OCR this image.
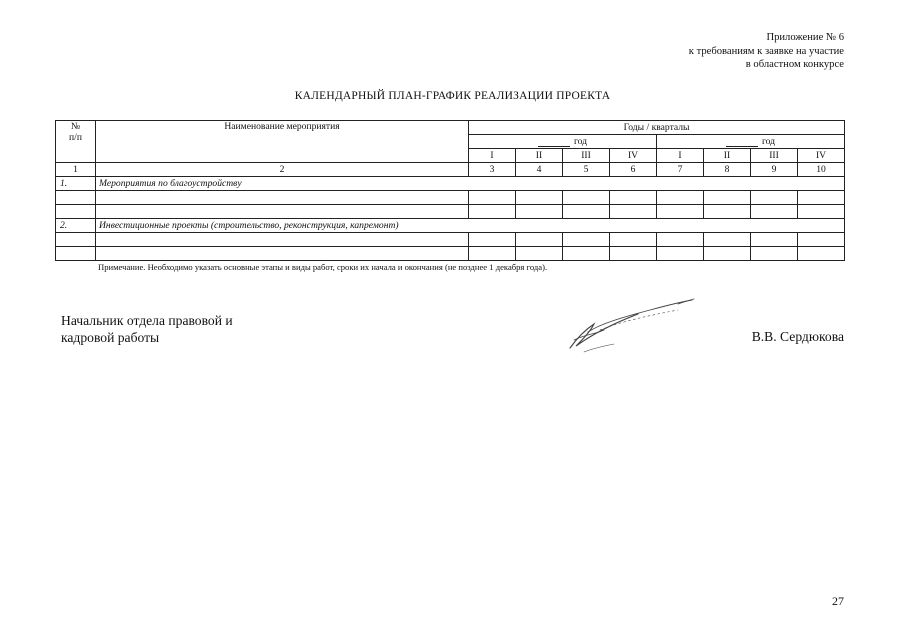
Приложение № 6
к требованиям к заявке на участие
в областном конкурсе
КАЛЕНДАРНЫЙ ПЛАН-ГРАФИК РЕАЛИЗАЦИИ ПРОЕКТА
№
п/п	Наименование мероприятия	Годы / кварталы							
		год				год			
		I	II	III	IV	I	II	III	IV
1	2	3	4	5	6	7	8	9	10
1.	Мероприятия по благоустройству								

2.	Инвестиционные проекты (строительство, реконструкция, капремонт)								

Примечание. Необходимо указать основные этапы и виды работ, сроки их начала и окончания (не позднее 1 декабря года).
Начальник отдела правовой и
кадровой работы	В.В. Сердюкова
27
